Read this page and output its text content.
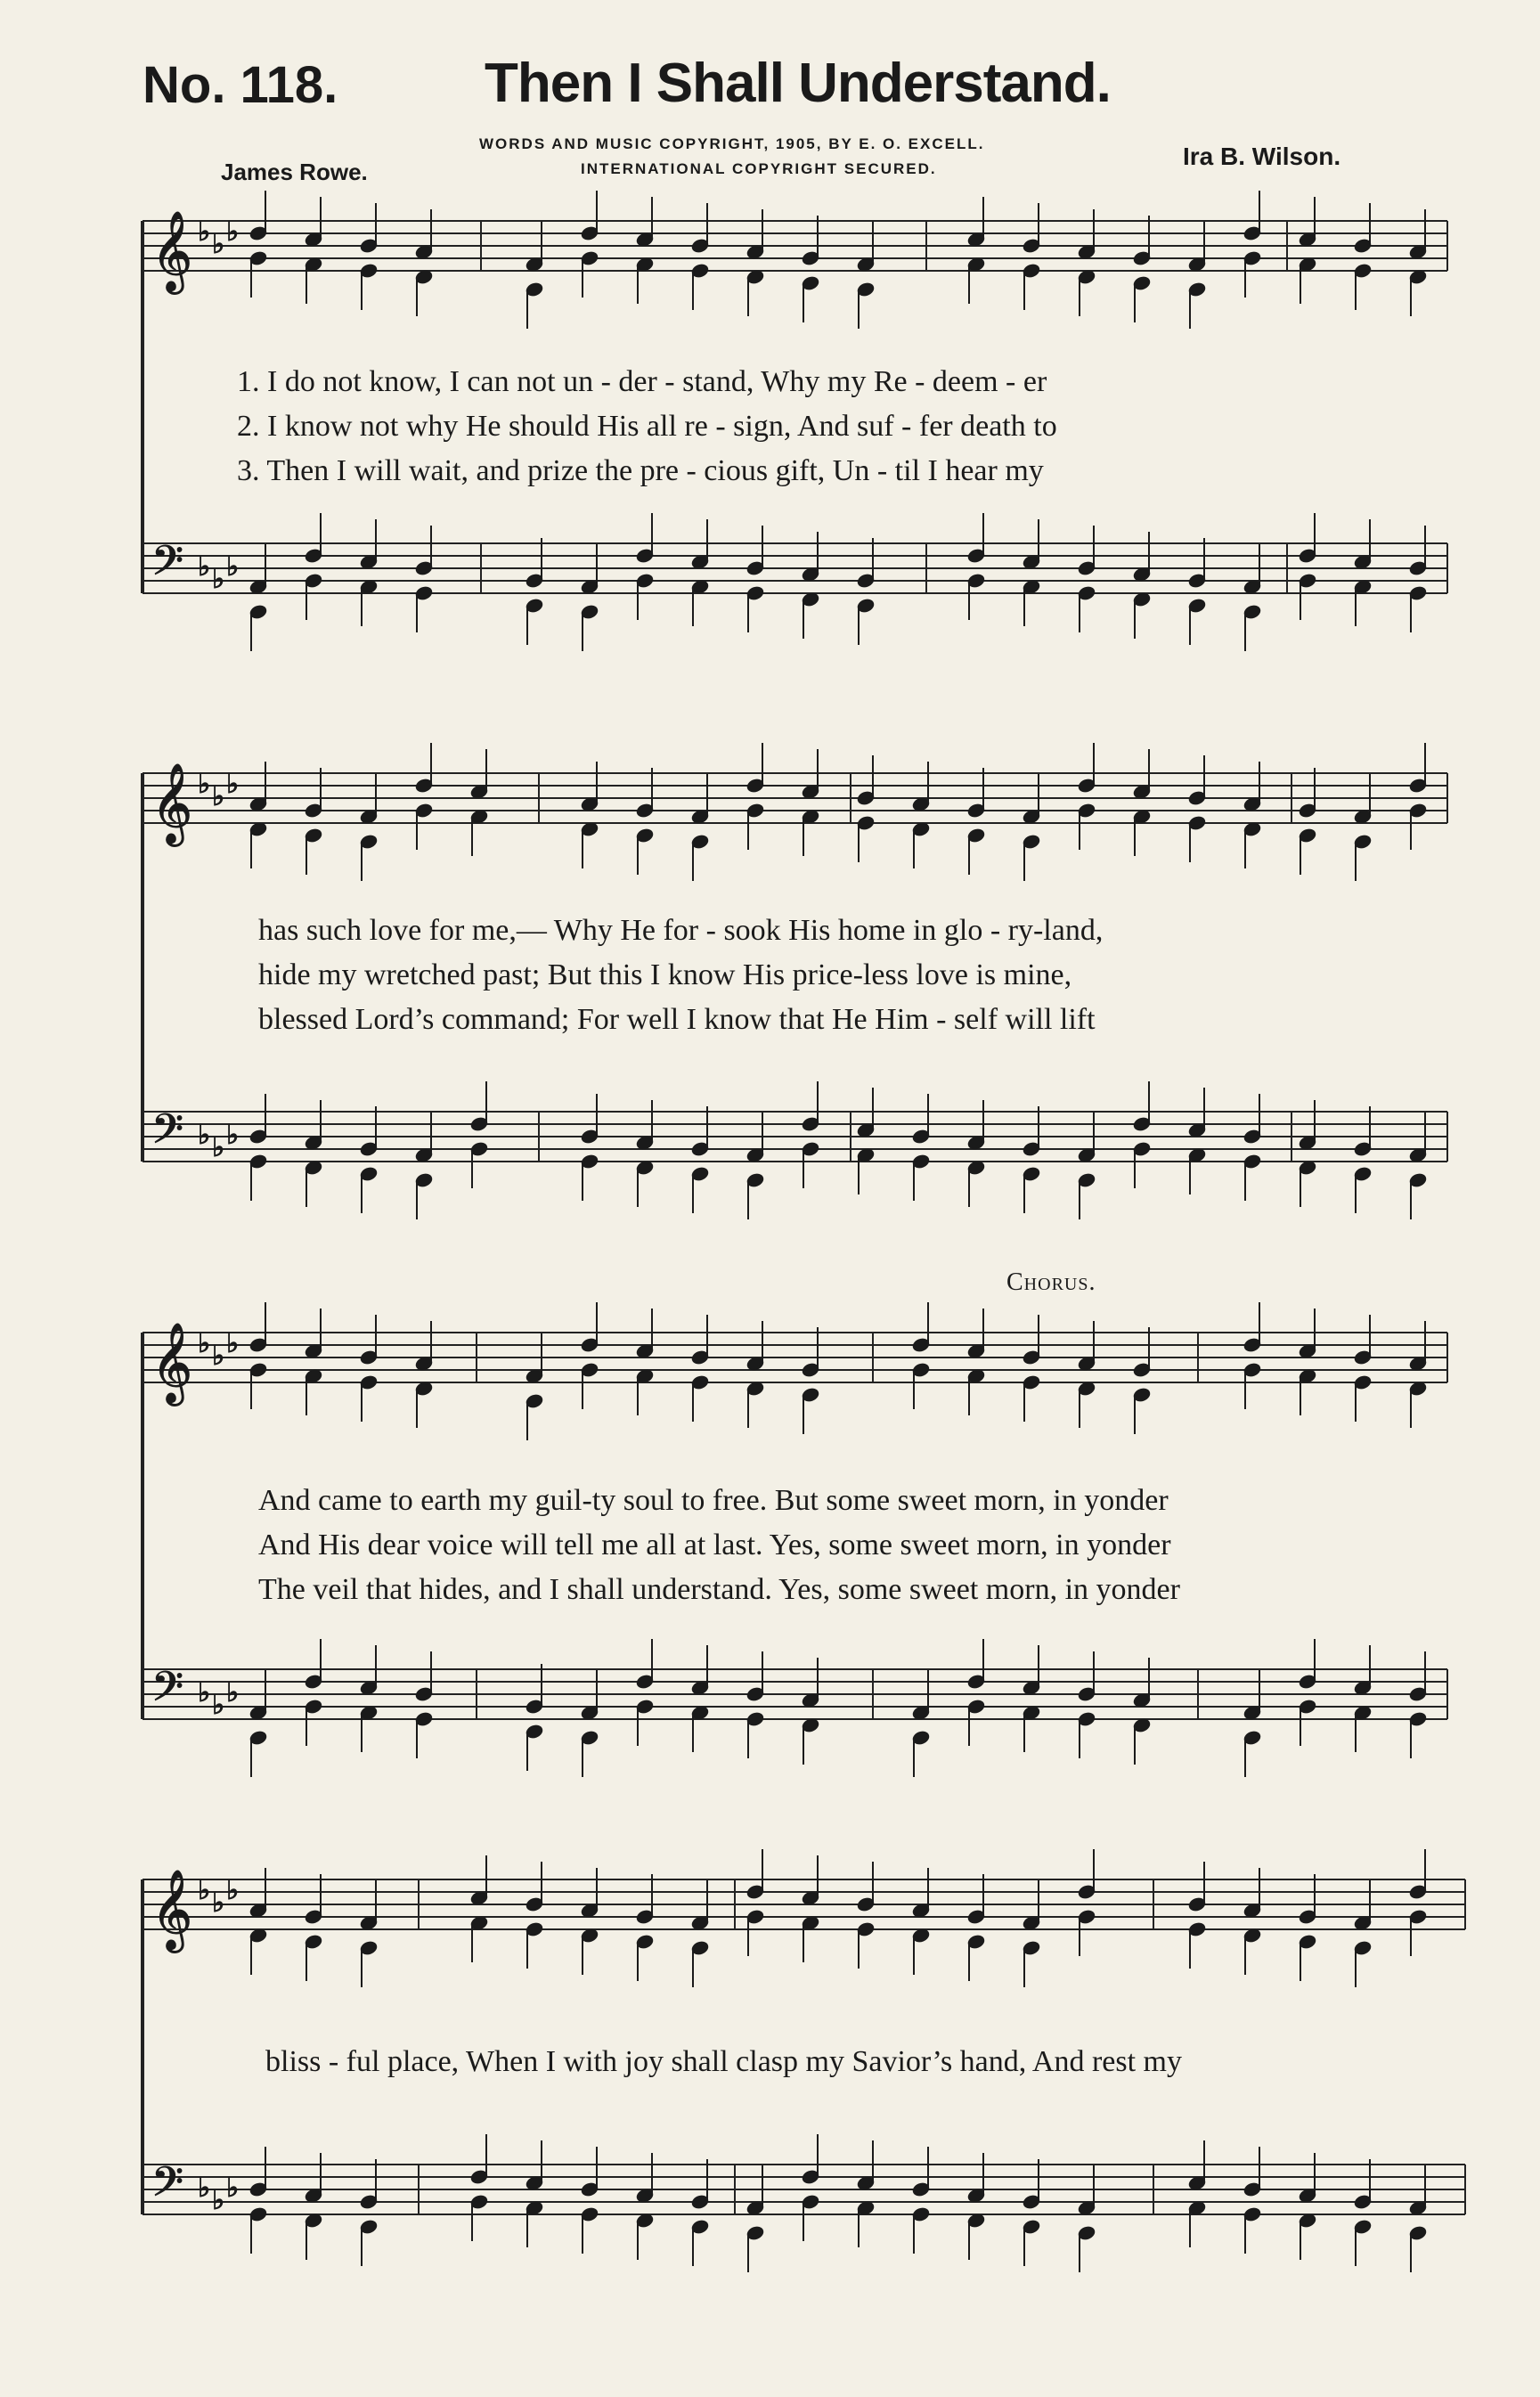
No. 118.	Then I Shall Understand.
WORDS AND MUSIC COPYRIGHT, 1905, BY E. O. EXCELL.
INTERNATIONAL COPYRIGHT SECURED.
James Rowe.
Ira B. Wilson.
Chorus.
𝄞
𝄢
♭
♭
♭
♭
♭
♭
𝄞
𝄢
♭
♭
♭
♭
♭
♭
𝄞
𝄢
♭
♭
♭
♭
♭
♭
𝄞
𝄢
♭
♭
♭
♭
♭
♭
1. I do not know, I can not un - der - stand, Why my Re - deem - er
2. I know not why He should His all re - sign, And suf - fer death to
3. Then I will wait, and prize the pre - cious gift, Un - til I hear my
has such love for me,— Why He for - sook His home in glo - ry-land,
hide my wretched past; But this I know His price-less love is mine,
blessed Lord’s command; For well I know that He Him - self will lift
And came to earth my guil-ty soul to free. But some sweet morn, in yonder
And His dear voice will tell me all at last. Yes, some sweet morn, in yonder
The veil that hides, and I shall understand. Yes, some sweet morn, in yonder
bliss - ful place, When I with joy shall clasp my Savior’s hand, And rest my
